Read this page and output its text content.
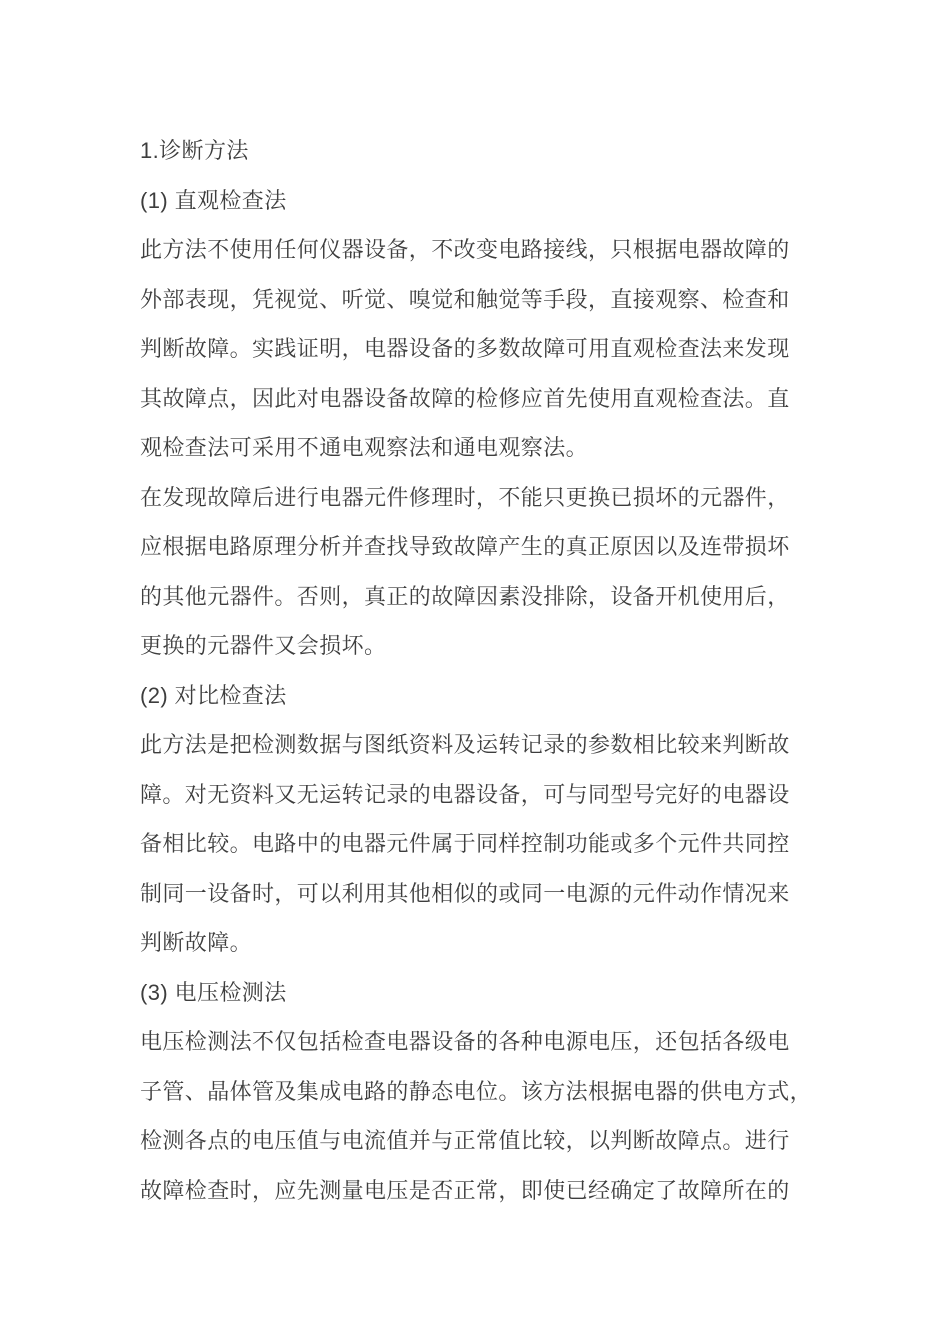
1.诊断方法
(1) 直观检查法
此方法不使用任何仪器设备，不改变电路接线，只根据电器故障的
外部表现，凭视觉、听觉、嗅觉和触觉等手段，直接观察、检查和
判断故障。实践证明，电器设备的多数故障可用直观检查法来发现
其故障点，因此对电器设备故障的检修应首先使用直观检查法。直
观检查法可采用不通电观察法和通电观察法。
在发现故障后进行电器元件修理时，不能只更换已损坏的元器件，
应根据电路原理分析并查找导致故障产生的真正原因以及连带损坏
的其他元器件。否则，真正的故障因素没排除，设备开机使用后，
更换的元器件又会损坏。
(2) 对比检查法
此方法是把检测数据与图纸资料及运转记录的参数相比较来判断故
障。对无资料又无运转记录的电器设备，可与同型号完好的电器设
备相比较。电路中的电器元件属于同样控制功能或多个元件共同控
制同一设备时，可以利用其他相似的或同一电源的元件动作情况来
判断故障。
(3) 电压检测法
电压检测法不仅包括检查电器设备的各种电源电压，还包括各级电
子管、晶体管及集成电路的静态电位。该方法根据电器的供电方式，
检测各点的电压值与电流值并与正常值比较，以判断故障点。进行
故障检查时，应先测量电压是否正常，即使已经确定了故障所在的
